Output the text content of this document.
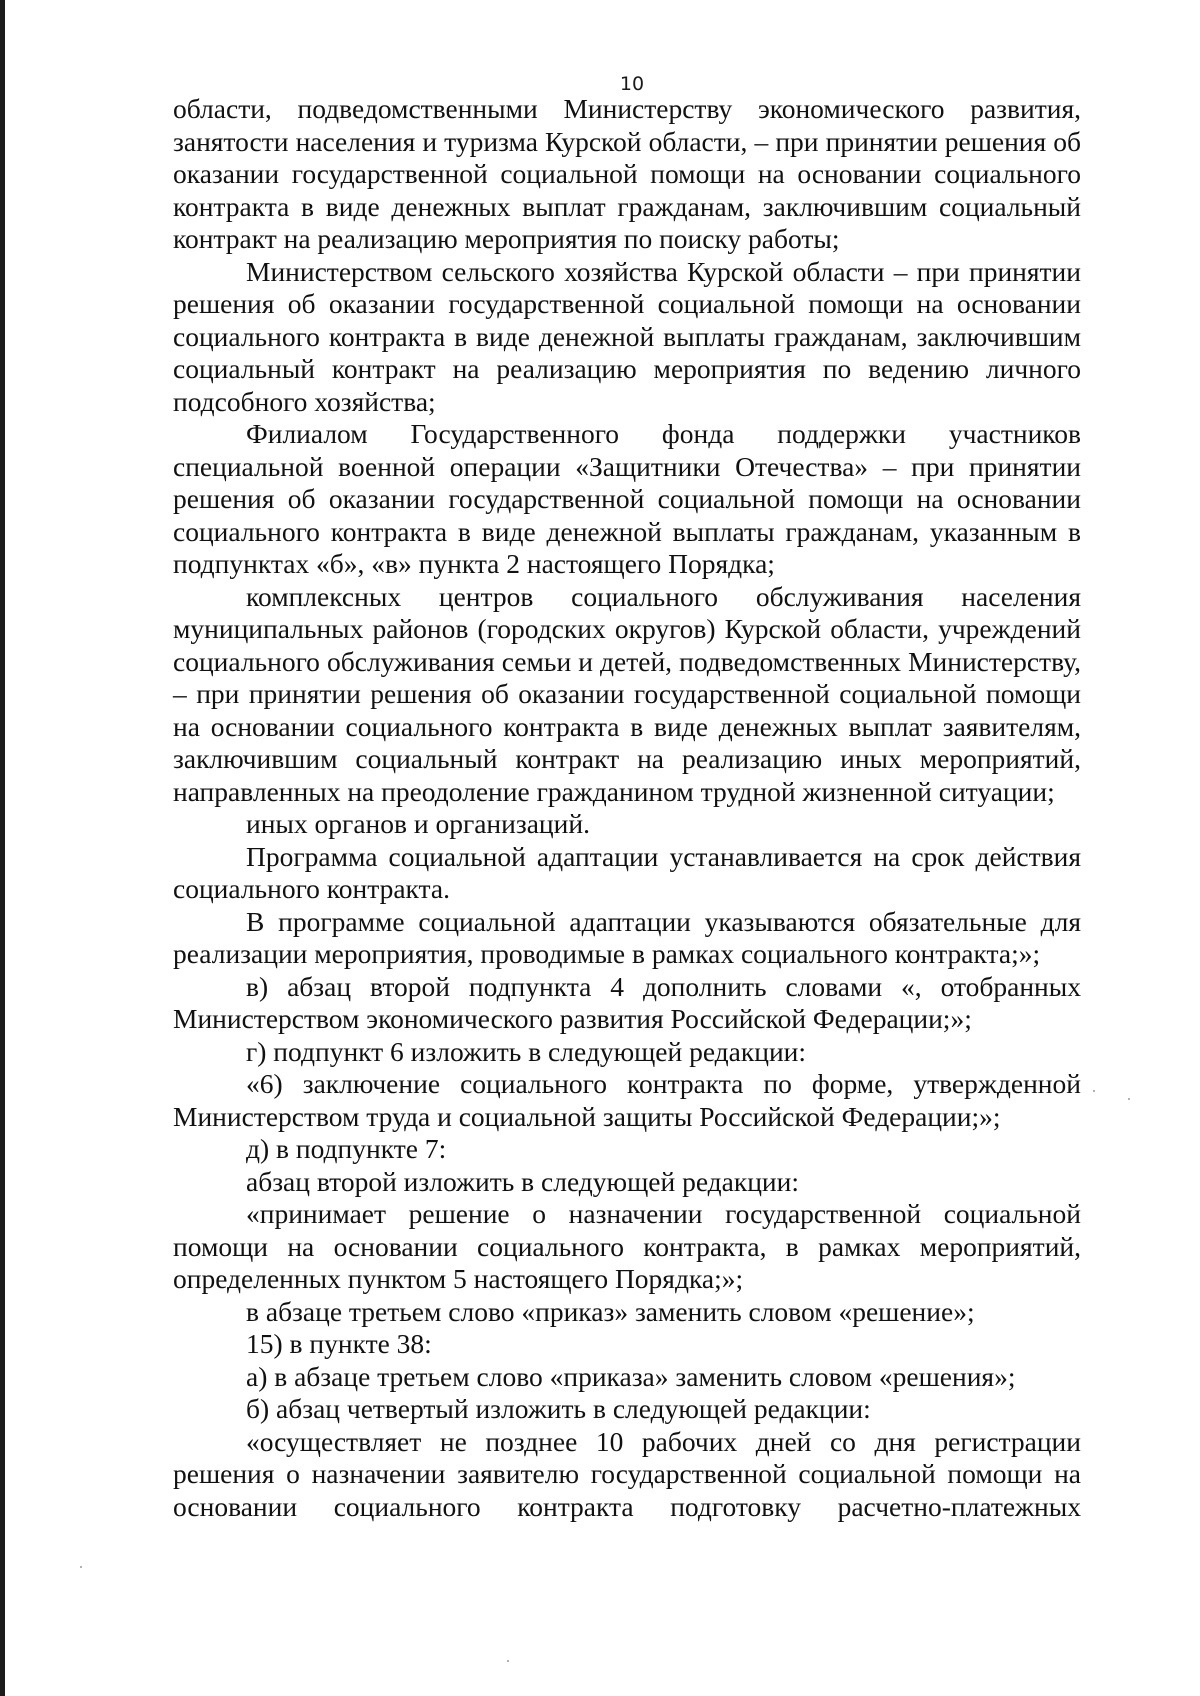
10

области, подведомственными Министерству экономического развития, занятости населения и туризма Курской области, – при принятии решения об оказании государственной социальной помощи на основании социального контракта в виде денежных выплат гражданам, заключившим социальный контракт на реализацию мероприятия по поиску работы;

Министерством сельского хозяйства Курской области – при принятии решения об оказании государственной социальной помощи на основании социального контракта в виде денежной выплаты гражданам, заключившим социальный контракт на реализацию мероприятия по ведению личного подсобного хозяйства;

Филиалом Государственного фонда поддержки участников специальной военной операции «Защитники Отечества» – при принятии решения об оказании государственной социальной помощи на основании социального контракта в виде денежной выплаты гражданам, указанным в подпунктах «б», «в» пункта 2 настоящего Порядка;

комплексных центров социального обслуживания населения муниципальных районов (городских округов) Курской области, учреждений социального обслуживания семьи и детей, подведомственных Министерству, – при принятии решения об оказании государственной социальной помощи на основании социального контракта в виде денежных выплат заявителям, заключившим социальный контракт на реализацию иных мероприятий, направленных на преодоление гражданином трудной жизненной ситуации;

иных органов и организаций.

Программа социальной адаптации устанавливается на срок действия социального контракта.

В программе социальной адаптации указываются обязательные для реализации мероприятия, проводимые в рамках социального контракта;»;

в) абзац второй подпункта 4 дополнить словами «, отобранных Министерством экономического развития Российской Федерации;»;

г) подпункт 6 изложить в следующей редакции:

«6) заключение социального контракта по форме, утвержденной Министерством труда и социальной защиты Российской Федерации;»;

д) в подпункте 7:

абзац второй изложить в следующей редакции:

«принимает решение о назначении государственной социальной помощи на основании социального контракта, в рамках мероприятий, определенных пунктом 5 настоящего Порядка;»;

в абзаце третьем слово «приказ» заменить словом «решение»;

15) в пункте 38:

а) в абзаце третьем слово «приказа» заменить словом «решения»;

б) абзац четвертый изложить в следующей редакции:

«осуществляет не позднее 10 рабочих дней со дня регистрации решения о назначении заявителю государственной социальной помощи на основании социального контракта подготовку расчетно-платежных
